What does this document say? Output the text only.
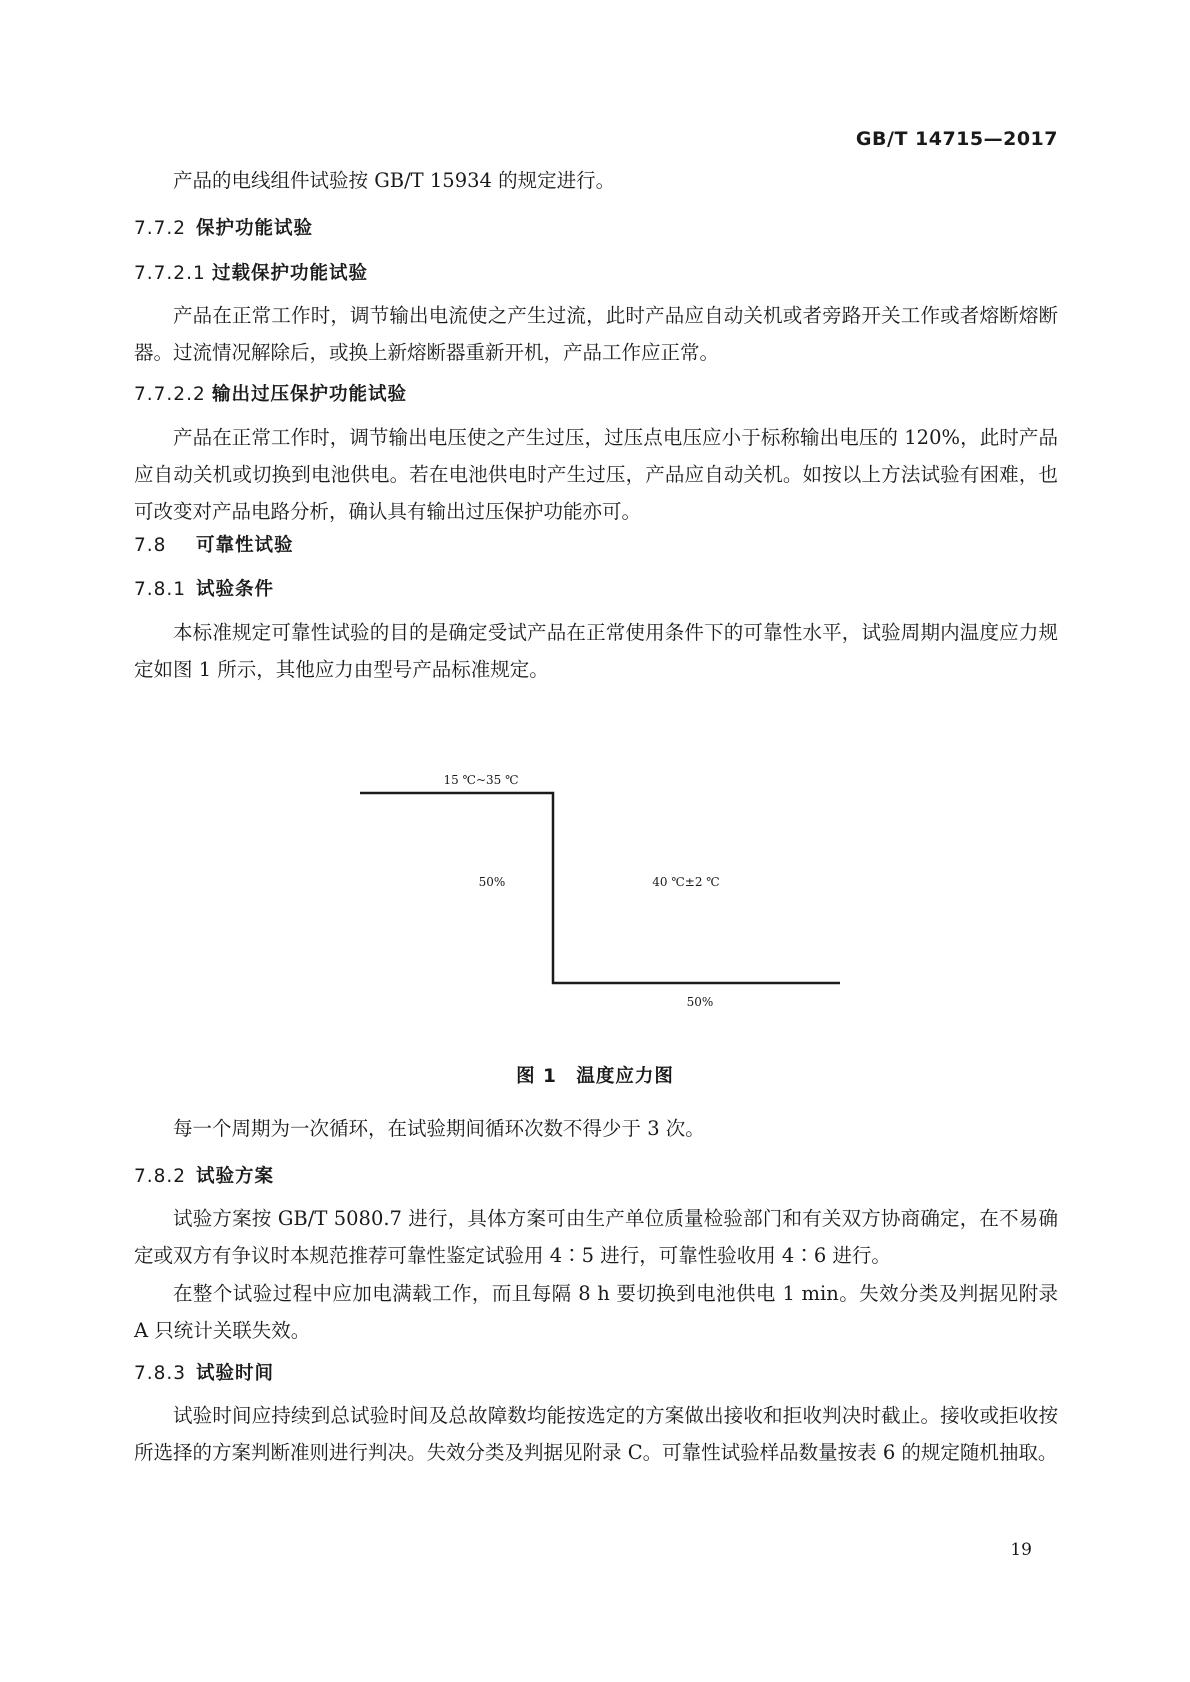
GB/T 14715—2017

产品的电线组件试验按 GB/T 15934 的规定进行。

7.7.2 保护功能试验
7.7.2.1 过载保护功能试验

产品在正常工作时，调节输出电流使之产生过流，此时产品应自动关机或者旁路开关工作或者熔断熔断器。过流情况解除后，或换上新熔断器重新开机，产品工作应正常。

7.7.2.2 输出过压保护功能试验

产品在正常工作时，调节输出电压使之产生过压，过压点电压应小于标称输出电压的 120%，此时产品应自动关机或切换到电池供电。若在电池供电时产生过压，产品应自动关机。如按以上方法试验有困难，也可改变对产品电路分析，确认具有输出过压保护功能亦可。

7.8 可靠性试验
7.8.1 试验条件

本标准规定可靠性试验的目的是确定受试产品在正常使用条件下的可靠性水平，试验周期内温度应力规定如图 1 所示，其他应力由型号产品标准规定。

15 ℃~35 ℃
50%	40 ℃±2 ℃
50%
图 1　温度应力图

每一个周期为一次循环，在试验期间循环次数不得少于 3 次。

7.8.2 试验方案

试验方案按 GB/T 5080.7 进行，具体方案可由生产单位质量检验部门和有关双方协商确定，在不易确定或双方有争议时本规范推荐可靠性鉴定试验用 4∶5 进行，可靠性验收用 4∶6 进行。

在整个试验过程中应加电满载工作，而且每隔 8 h 要切换到电池供电 1 min。失效分类及判据见附录 A 只统计关联失效。

7.8.3 试验时间

试验时间应持续到总试验时间及总故障数均能按选定的方案做出接收和拒收判决时截止。接收或拒收按所选择的方案判断准则进行判决。失效分类及判据见附录 C。可靠性试验样品数量按表 6 的规定随机抽取。

19
